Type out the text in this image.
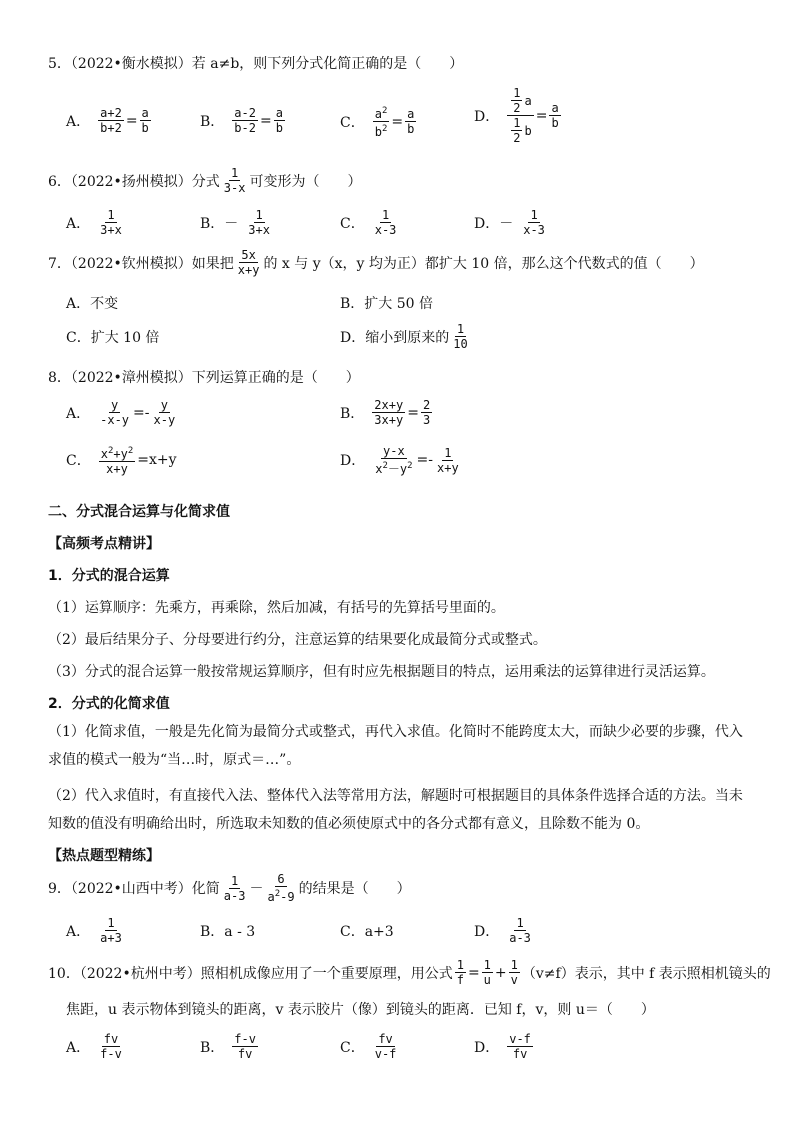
5．（2022•衡水模拟）若 a≠b，则下列分式化简正确的是（　　）
A． $\frac{a+2}{b+2} = \frac{a}{b}$	B． $\frac{a-2}{b-2} = \frac{a}{b}$	C． $\frac{a^2}{b^2} = \frac{a}{b}$	D． $\frac{\frac{1}{2} a}{\frac{1}{2} b} = \frac{a}{b}$
6．（2022•扬州模拟）分式 $\frac{1}{3-x}$ 可变形为（　　）
A． $\frac{1}{3+x}$	B．－ $\frac{1}{3+x}$	C． $\frac{1}{x-3}$	D．－ $\frac{1}{x-3}$
7．（2022•钦州模拟）如果把 $\frac{5x}{x+y}$ 的 x 与 y（x，y 均为正）都扩大 10 倍，那么这个代数式的值（　　）
A．不变	B．扩大 50 倍
C．扩大 10 倍	D．缩小到原来的 $\frac{1}{10}$
8．（2022•漳州模拟）下列运算正确的是（　　）
A． $\frac{y}{-x-y} =- \frac{y}{x-y}$	B． $\frac{2x+y}{3x+y} = \frac{2}{3}$
C． $\frac{x^2+y^2}{x+y} =x+y$	D． $\frac{y-x}{x^2-y^2} =- \frac{1}{x+y}$
二、分式混合运算与化简求值
【高频考点精讲】
1．分式的混合运算
（1）运算顺序：先乘方，再乘除，然后加减，有括号的先算括号里面的。
（2）最后结果分子、分母要进行约分，注意运算的结果要化成最简分式或整式。
（3）分式的混合运算一般按常规运算顺序，但有时应先根据题目的特点，运用乘法的运算律进行灵活运算。
2．分式的化简求值
（1）化简求值，一般是先化简为最简分式或整式，再代入求值。化简时不能跨度太大，而缺少必要的步骤，代入求值的模式一般为“当…时，原式＝…”。
（2）代入求值时，有直接代入法、整体代入法等常用方法，解题时可根据题目的具体条件选择合适的方法。当未知数的值没有明确给出时，所选取未知数的值必须使原式中的各分式都有意义，且除数不能为 0。
【热点题型精练】
9．（2022•山西中考）化简 $\frac{1}{a-3} - \frac{6}{a^2-9}$ 的结果是（　　）
A． $\frac{1}{a+3}$	B．a - 3	C．a+3	D． $\frac{1}{a-3}$
10．（2022•杭州中考）照相机成像应用了一个重要原理，用公式 $\frac{1}{f} = \frac{1}{u} + \frac{1}{v} (v\ne f)$表示，其中 f 表示照相机镜头的
焦距，u 表示物体到镜头的距离，v 表示胶片（像）到镜头的距离．已知 f，v，则 u＝（　　）
A． $\frac{fv}{f-v}$	B． $\frac{f-v}{fv}$	C． $\frac{fv}{v-f}$	D． $\frac{v-f}{fv}$
